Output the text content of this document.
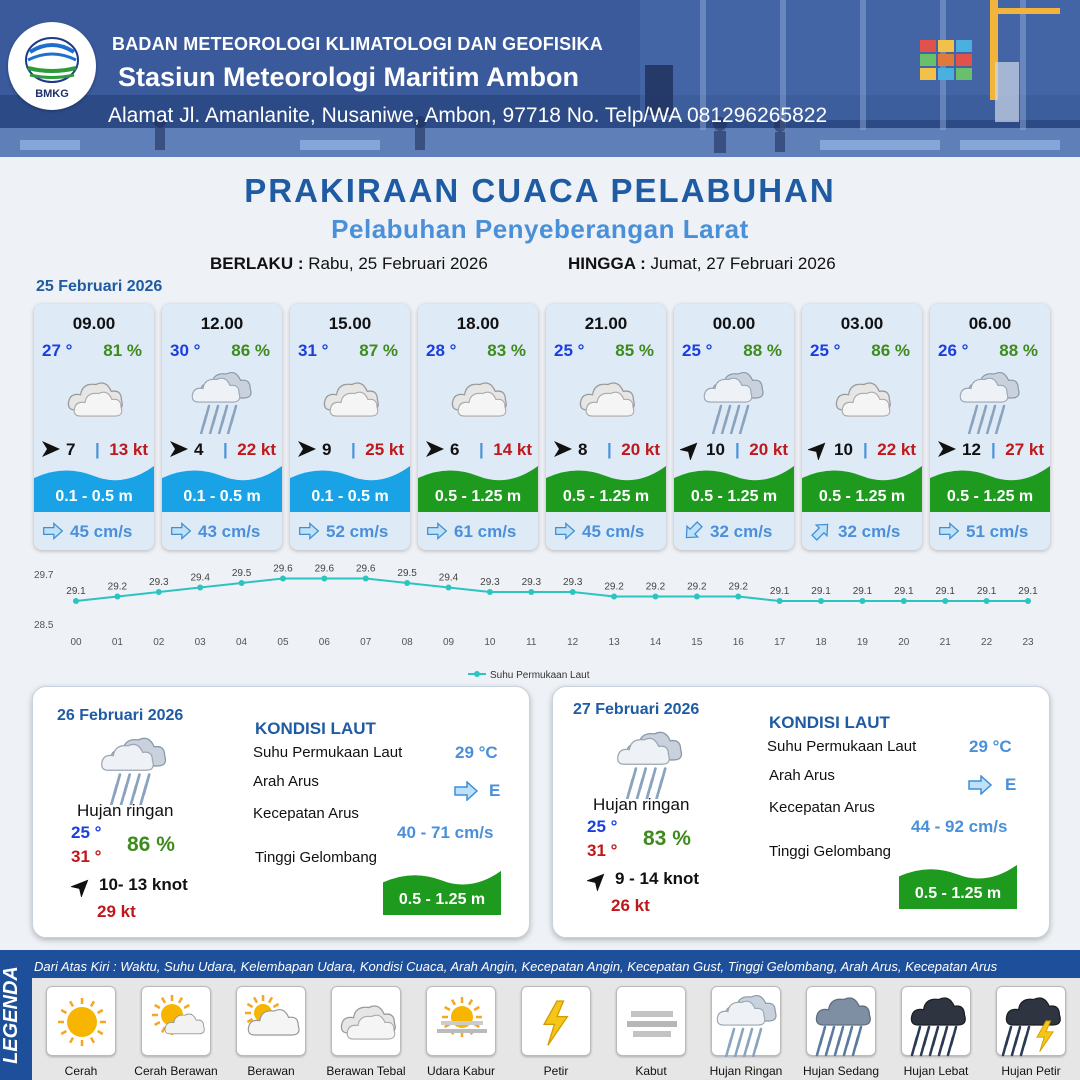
BMKG
BADAN METEOROLOGI KLIMATOLOGI DAN GEOFISIKA
Stasiun Meteorologi Maritim Ambon
Alamat Jl. Amanlanite, Nusaniwe, Ambon, 97718 No. Telp/WA 081296265822
PRAKIRAAN CUACA PELABUHAN
Pelabuhan Penyeberangan Larat
BERLAKU : Rabu, 25 Februari 2026	HINGGA : Jumat, 27 Februari 2026
25 Februari 2026
09.00
27 ° 81 %
7 | 13 kt
0.1 - 0.5 m
45 cm/s
12.00
30 ° 86 %
4 | 22 kt
0.1 - 0.5 m
43 cm/s
15.00
31 ° 87 %
9 | 25 kt
0.1 - 0.5 m
52 cm/s
18.00
28 ° 83 %
6 | 14 kt
0.5 - 1.25 m
61 cm/s
21.00
25 ° 85 %
8 | 20 kt
0.5 - 1.25 m
45 cm/s
00.00
25 ° 88 %
10 | 20 kt
0.5 - 1.25 m
32 cm/s
03.00
25 ° 86 %
10 | 22 kt
0.5 - 1.25 m
32 cm/s
06.00
26 ° 88 %
12 | 27 kt
0.5 - 1.25 m
51 cm/s
29.7
28.5
29.1
00
29.2
01
29.3
02
29.4
03
29.5
04
29.6
05
29.6
06
29.6
07
29.5
08
29.4
09
29.3
10
29.3
11
29.3
12
29.2
13
29.2
14
29.2
15
29.2
16
29.1
17
29.1
18
29.1
19
29.1
20
29.1
21
29.1
22
29.1
23
Suhu Permukaan Laut
26 Februari 2026
Hujan ringan
25 °
31 °
86 %
10- 13 knot
29 kt
KONDISI LAUT
Suhu Permukaan Laut	29 °C
Arah Arus	E
Kecepatan Arus
40 - 71 cm/s
Tinggi Gelombang
0.5 - 1.25 m
27 Februari 2026
Hujan ringan
25 °
31 °
83 %
9 - 14 knot
26 kt
KONDISI LAUT
Suhu Permukaan Laut	29 °C
Arah Arus	E
Kecepatan Arus
44 - 92 cm/s
Tinggi Gelombang
0.5 - 1.25 m
LEGENDA Dari Atas Kiri : Waktu, Suhu Udara, Kelembapan Udara, Kondisi Cuaca, Arah Angin, Kecepatan Angin, Kecepatan Gust, Tinggi Gelombang, Arah Arus, Kecepatan Arus
Cerah	Cerah Berawan	Berawan	Berawan Tebal	Udara Kabur	Petir	Kabut	Hujan Ringan	Hujan Sedang	Hujan Lebat	Hujan Petir
